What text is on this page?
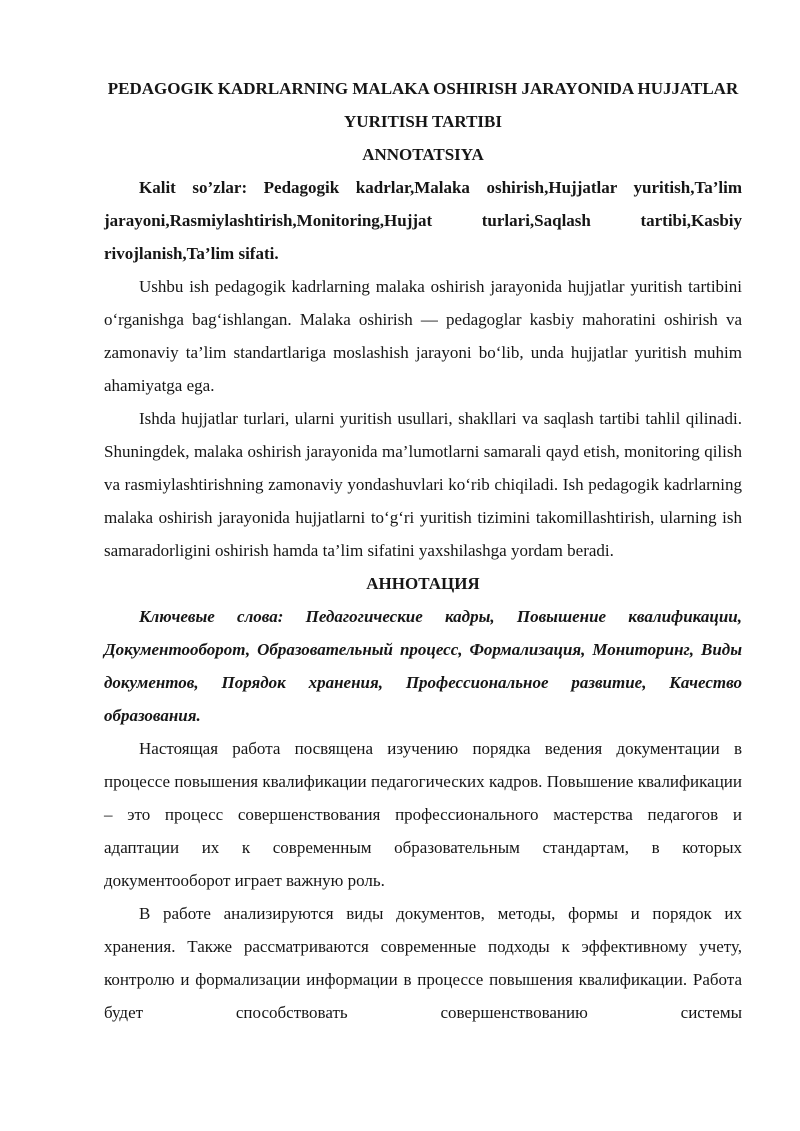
PEDAGOGIK KADRLARNING MALAKA OSHIRISH JARAYONIDA HUJJATLAR YURITISH TARTIBI
ANNOTATSIYA

Kalit so’zlar: Pedagogik kadrlar,Malaka oshirish,Hujjatlar yuritish,Ta’lim jarayoni,Rasmiylashtirish,Monitoring,Hujjat turlari,Saqlash tartibi,Kasbiy rivojlanish,Ta’lim sifati.

Ushbu ish pedagogik kadrlarning malaka oshirish jarayonida hujjatlar yuritish tartibini oʻrganishga bagʻishlangan. Malaka oshirish — pedagoglar kasbiy mahoratini oshirish va zamonaviy ta’lim standartlariga moslashish jarayoni boʻlib, unda hujjatlar yuritish muhim ahamiyatga ega.

Ishda hujjatlar turlari, ularni yuritish usullari, shakllari va saqlash tartibi tahlil qilinadi. Shuningdek, malaka oshirish jarayonida ma’lumotlarni samarali qayd etish, monitoring qilish va rasmiylashtirishning zamonaviy yondashuvlari koʻrib chiqiladi. Ish pedagogik kadrlarning malaka oshirish jarayonida hujjatlarni toʻgʻri yuritish tizimini takomillashtirish, ularning ish samaradorligini oshirish hamda ta’lim sifatini yaxshilashga yordam beradi.

АННОТАЦИЯ

Ключевые слова: Педагогические кадры, Повышение квалификации, Документооборот, Образовательный процесс, Формализация, Мониторинг, Виды документов, Порядок хранения, Профессиональное развитие, Качество образования.

Настоящая работа посвящена изучению порядка ведения документации в процессе повышения квалификации педагогических кадров. Повышение квалификации – это процесс совершенствования профессионального мастерства педагогов и адаптации их к современным образовательным стандартам, в которых документооборот играет важную роль.

В работе анализируются виды документов, методы, формы и порядок их хранения. Также рассматриваются современные подходы к эффективному учету, контролю и формализации информации в процессе повышения квалификации. Работа будет способствовать совершенствованию системы
